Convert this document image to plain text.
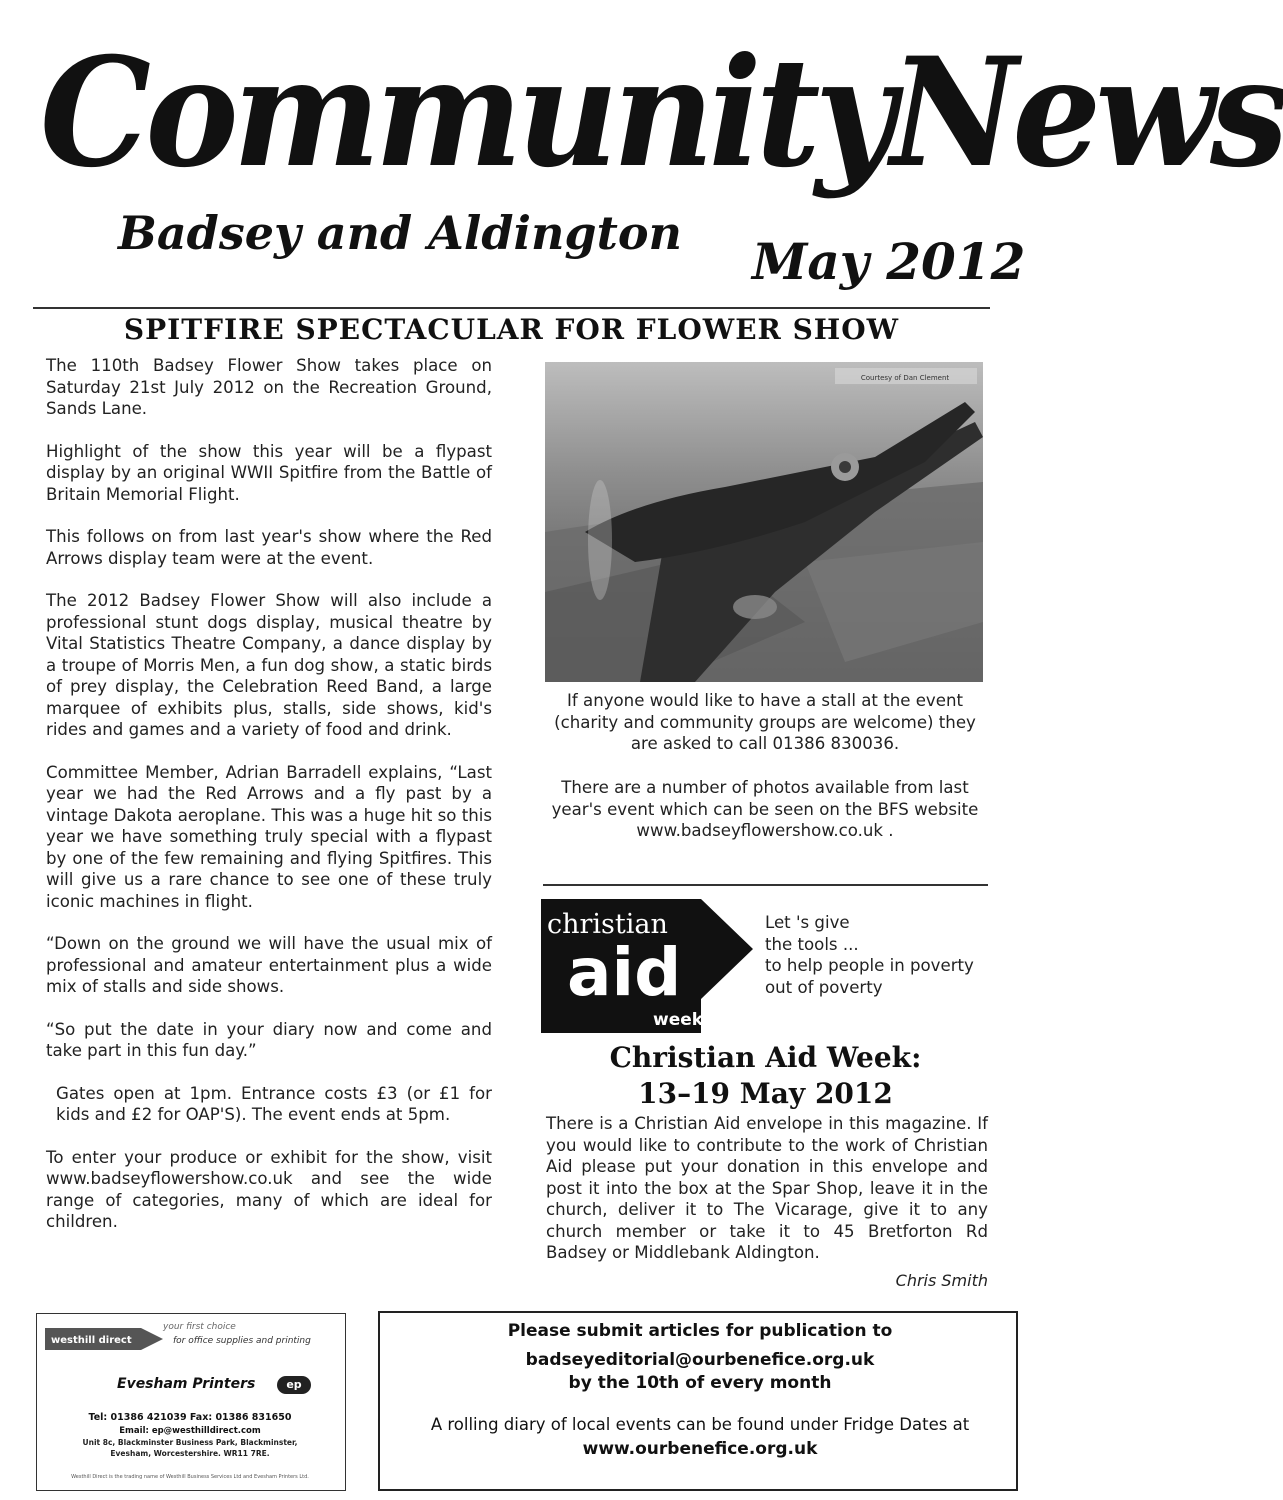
CommunityNews
Badsey and Aldington May 2012
SPITFIRE SPECTACULAR FOR FLOWER SHOW

The 110th Badsey Flower Show takes place on Saturday 21st July 2012 on the Recreation Ground, Sands Lane.

Highlight of the show this year will be a flypast display by an original WWII Spitfire from the Battle of Britain Memorial Flight.

This follows on from last year's show where the Red Arrows display team were at the event.

The 2012 Badsey Flower Show will also include a professional stunt dogs display, musical theatre by Vital Statistics Theatre Company, a dance display by a troupe of Morris Men, a fun dog show, a static birds of prey display, the Celebration Reed Band, a large marquee of exhibits plus, stalls, side shows, kid's rides and games and a variety of food and drink.

Committee Member, Adrian Barradell explains, “Last year we had the Red Arrows and a fly past by a vintage Dakota aeroplane. This was a huge hit so this year we have something truly special with a flypast by one of the few remaining and flying Spitfires. This will give us a rare chance to see one of these truly iconic machines in flight.

“Down on the ground we will have the usual mix of professional and amateur entertainment plus a wide mix of stalls and side shows.

“So put the date in your diary now and come and take part in this fun day.”

Gates open at 1pm. Entrance costs £3 (or £1 for kids and £2 for OAP'S). The event ends at 5pm.

To enter your produce or exhibit for the show, visit www.badseyflowershow.co.uk and see the wide range of categories, many of which are ideal for children.

Courtesy of Dan Clement
If anyone would like to have a stall at the event (charity and community groups are welcome) they are asked to call 01386 830036.
There are a number of photos available from last year's event which can be seen on the BFS website www.badseyflowershow.co.uk .
christian
aid
week
Let 's give
the tools ...
to help people in poverty
out of poverty
Christian Aid Week:
13–19 May 2012
There is a Christian Aid envelope in this magazine. If you would like to contribute to the work of Christian Aid please put your donation in this envelope and post it into the box at the Spar Shop, leave it in the church, deliver it to The Vicarage, give it to any church member or take it to 45 Bretforton Rd Badsey or Middlebank Aldington.
Chris Smith
westhill direct
your first choice
for office supplies and printing
Evesham Printers	ep
Tel: 01386 421039 Fax: 01386 831650
Email: ep@westhilldirect.com
Unit 8c, Blackminster Business Park, Blackminster,
Evesham, Worcestershire. WR11 7RE.
Westhill Direct is the trading name of Westhill Business Services Ltd and Evesham Printers Ltd.
Please submit articles for publication to
badseyeditorial@ourbenefice.org.uk
by the 10th of every month
A rolling diary of local events can be found under Fridge Dates at
www.ourbenefice.org.uk
